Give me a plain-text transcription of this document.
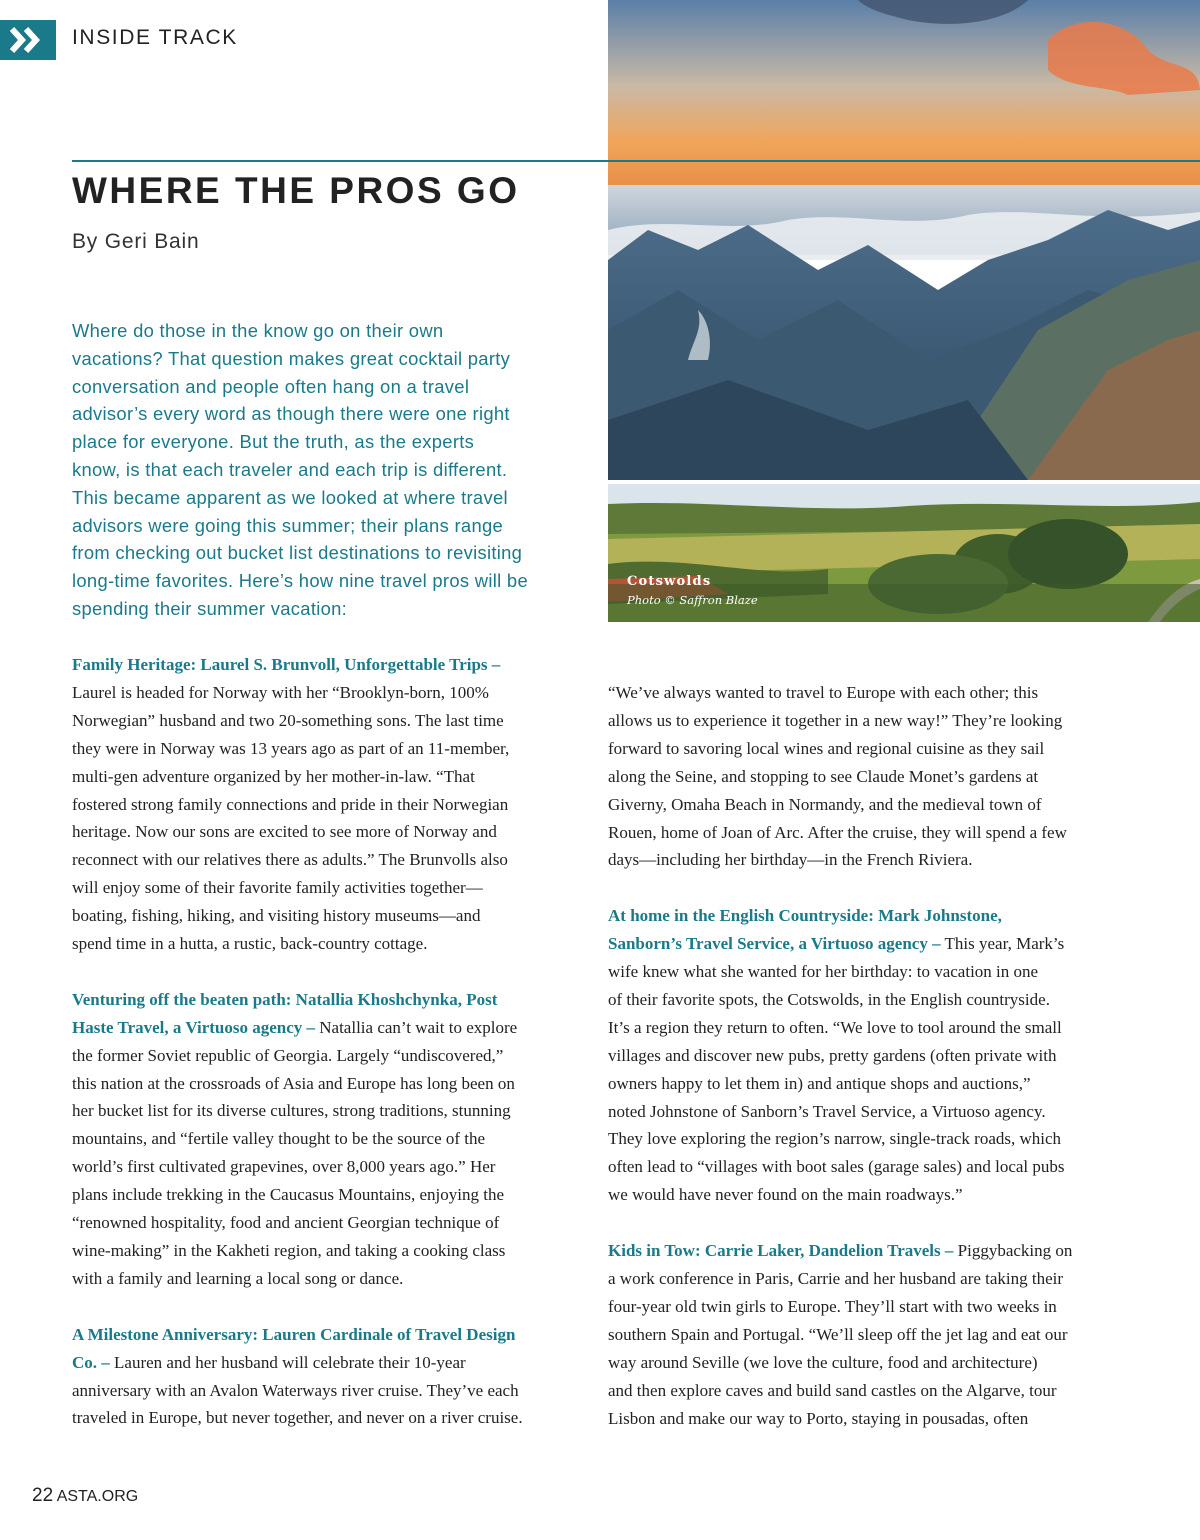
INSIDE TRACK
Cotswolds
Photo © Saffron Blaze
WHERE THE PROS GO
By Geri Bain
Where do those in the know go on their own
vacations? That question makes great cocktail party
conversation and people often hang on a travel
advisor’s every word as though there were one right
place for everyone. But the truth, as the experts
know, is that each traveler and each trip is different.
This became apparent as we looked at where travel
advisors were going this summer; their plans range
from checking out bucket list destinations to revisiting
long-time favorites. Here’s how nine travel pros will be
spending their summer vacation:
Family Heritage: Laurel S. Brunvoll, Unforgettable Trips –
Laurel is headed for Norway with her “Brooklyn-born, 100%
Norwegian” husband and two 20-something sons. The last time
they were in Norway was 13 years ago as part of an 11-member,
multi-gen adventure organized by her mother-in-law. “That
fostered strong family connections and pride in their Norwegian
heritage. Now our sons are excited to see more of Norway and
reconnect with our relatives there as adults.” The Brunvolls also
will enjoy some of their favorite family activities together—
boating, fishing, hiking, and visiting history museums—and
spend time in a hutta, a rustic, back-country cottage.
Venturing off the beaten path: Natallia Khoshchynka, Post
Haste Travel, a Virtuoso agency – Natallia can’t wait to explore
the former Soviet republic of Georgia. Largely “undiscovered,”
this nation at the crossroads of Asia and Europe has long been on
her bucket list for its diverse cultures, strong traditions, stunning
mountains, and “fertile valley thought to be the source of the
world’s first cultivated grapevines, over 8,000 years ago.” Her
plans include trekking in the Caucasus Mountains, enjoying the
“renowned hospitality, food and ancient Georgian technique of
wine-making” in the Kakheti region, and taking a cooking class
with a family and learning a local song or dance.
A Milestone Anniversary: Lauren Cardinale of Travel Design
Co. – Lauren and her husband will celebrate their 10-year
anniversary with an Avalon Waterways river cruise. They’ve each
traveled in Europe, but never together, and never on a river cruise.
“We’ve always wanted to travel to Europe with each other; this
allows us to experience it together in a new way!” They’re looking
forward to savoring local wines and regional cuisine as they sail
along the Seine, and stopping to see Claude Monet’s gardens at
Giverny, Omaha Beach in Normandy, and the medieval town of
Rouen, home of Joan of Arc. After the cruise, they will spend a few
days—including her birthday—in the French Riviera.
At home in the English Countryside: Mark Johnstone,
Sanborn’s Travel Service, a Virtuoso agency – This year, Mark’s
wife knew what she wanted for her birthday: to vacation in one
of their favorite spots, the Cotswolds, in the English countryside.
It’s a region they return to often. “We love to tool around the small
villages and discover new pubs, pretty gardens (often private with
owners happy to let them in) and antique shops and auctions,”
noted Johnstone of Sanborn’s Travel Service, a Virtuoso agency.
They love exploring the region’s narrow, single-track roads, which
often lead to “villages with boot sales (garage sales) and local pubs
we would have never found on the main roadways.”
Kids in Tow: Carrie Laker, Dandelion Travels – Piggybacking on
a work conference in Paris, Carrie and her husband are taking their
four-year old twin girls to Europe. They’ll start with two weeks in
southern Spain and Portugal. “We’ll sleep off the jet lag and eat our
way around Seville (we love the culture, food and architecture)
and then explore caves and build sand castles on the Algarve, tour
Lisbon and make our way to Porto, staying in pousadas, often
22 ASTA.ORG
